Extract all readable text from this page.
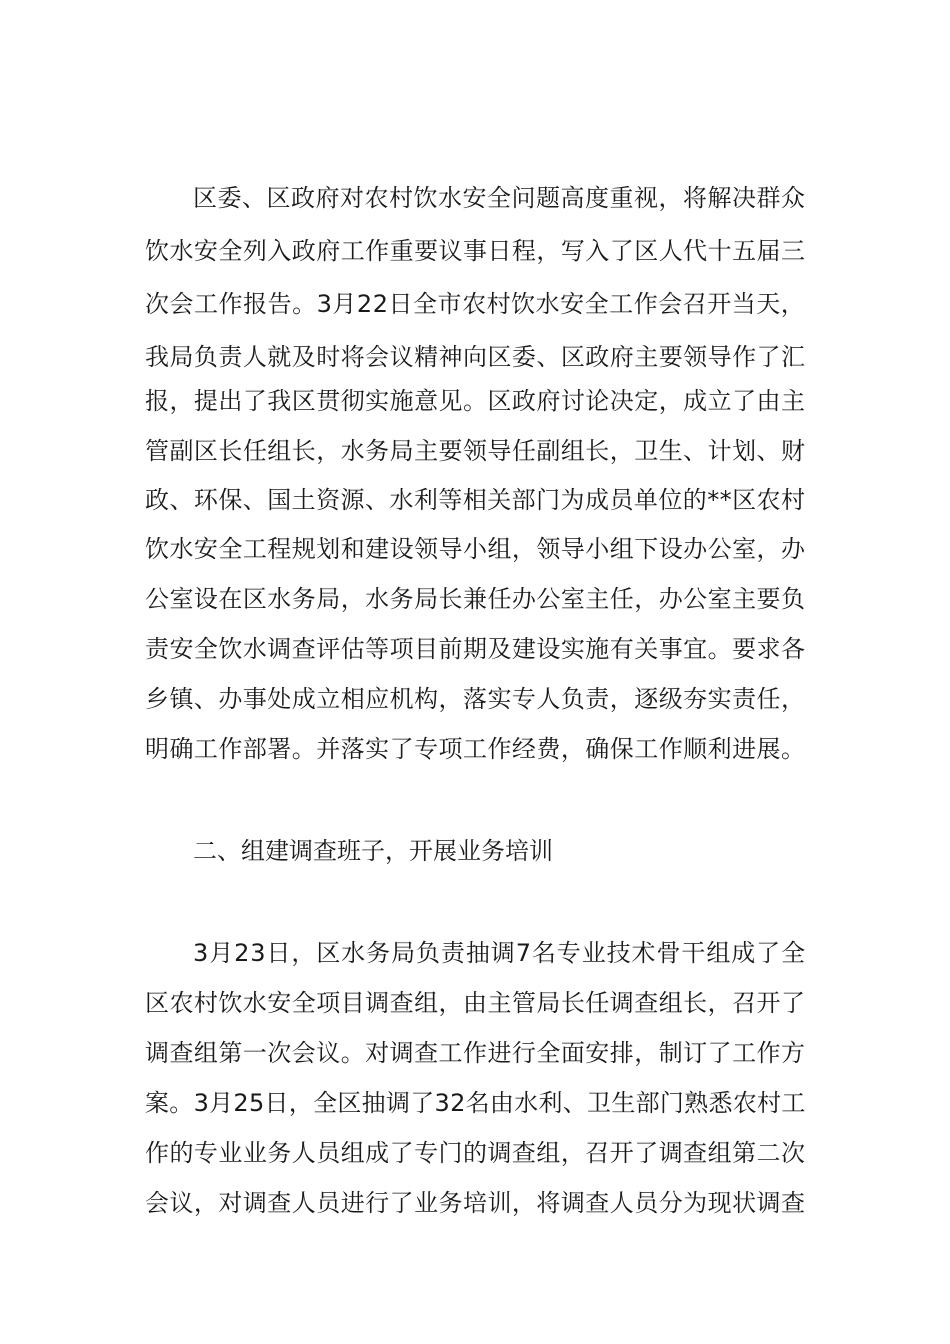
区委、区政府对农村饮水安全问题高度重视，将解决群众
饮水安全列入政府工作重要议事日程，写入了区人代十五届三
次会工作报告。3月22日全市农村饮水安全工作会召开当天，
我局负责人就及时将会议精神向区委、区政府主要领导作了汇
报，提出了我区贯彻实施意见。区政府讨论决定，成立了由主
管副区长任组长，水务局主要领导任副组长，卫生、计划、财
政、环保、国土资源、水利等相关部门为成员单位的**区农村
饮水安全工程规划和建设领导小组，领导小组下设办公室，办
公室设在区水务局，水务局长兼任办公室主任，办公室主要负
责安全饮水调查评估等项目前期及建设实施有关事宜。要求各
乡镇、办事处成立相应机构，落实专人负责，逐级夯实责任，
明确工作部署。并落实了专项工作经费，确保工作顺利进展。
二、组建调查班子，开展业务培训
3月23日，区水务局负责抽调7名专业技术骨干组成了全
区农村饮水安全项目调查组，由主管局长任调查组长，召开了
调查组第一次会议。对调查工作进行全面安排，制订了工作方
案。3月25日，全区抽调了32名由水利、卫生部门熟悉农村工
作的专业业务人员组成了专门的调查组，召开了调查组第二次
会议，对调查人员进行了业务培训，将调查人员分为现状调查
